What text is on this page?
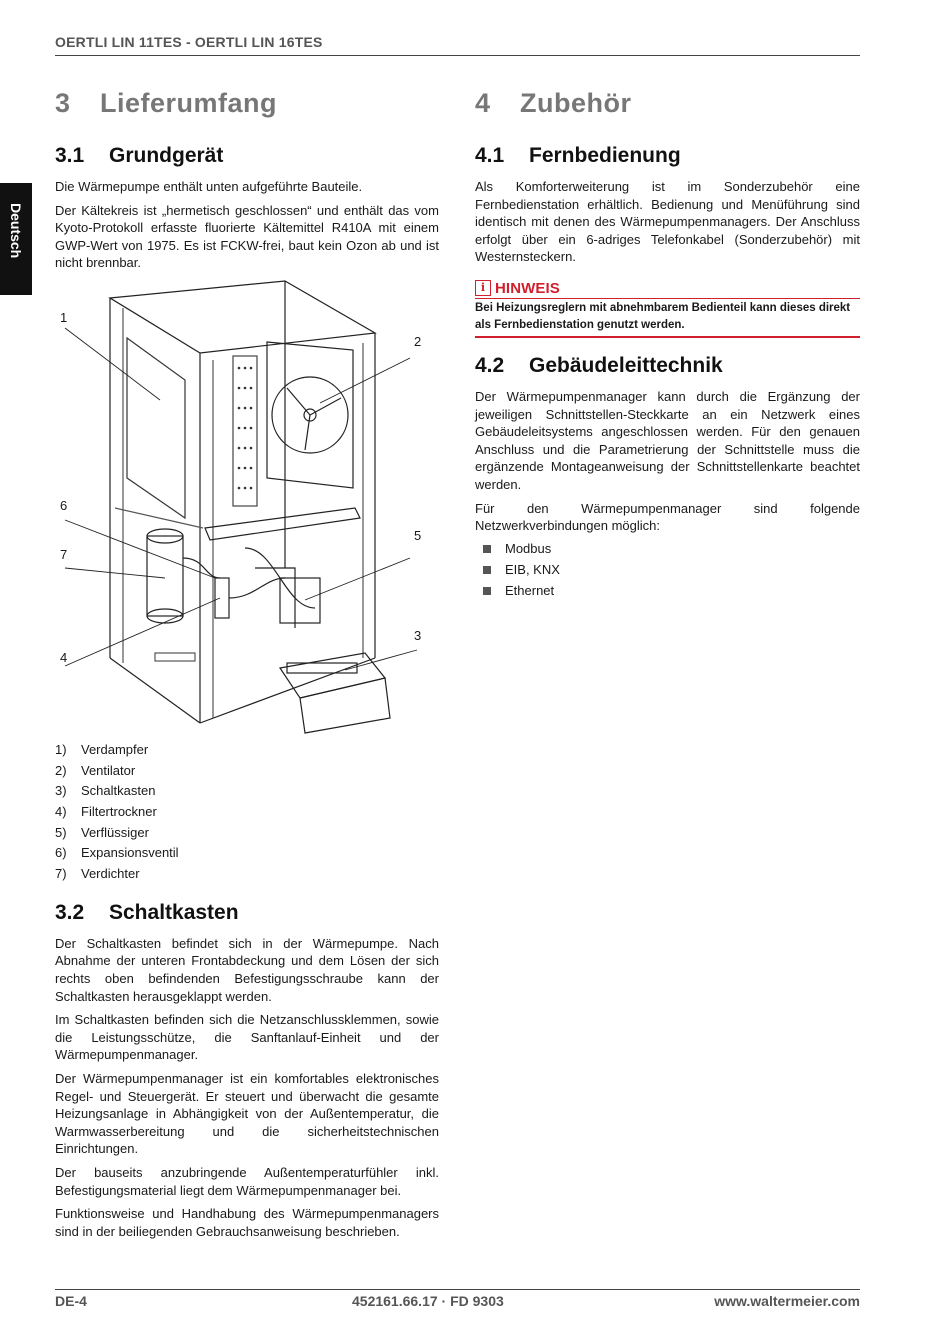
OERTLI LIN 11TES - OERTLI LIN 16TES
Deutsch
3 Lieferumfang
3.1 Grundgerät

Die Wärmepumpe enthält unten aufgeführte Bauteile.

Der Kältekreis ist „hermetisch geschlossen“ und enthält das vom Kyoto-Protokoll erfasste fluorierte Kältemittel R410A mit einem GWP-Wert von 1975. Es ist FCKW-frei, baut kein Ozon ab und ist nicht brennbar.

1
2
3
4
5
6
7
1) Verdampfer
2) Ventilator
3) Schaltkasten
4) Filtertrockner
5) Verflüssiger
6) Expansionsventil
7) Verdichter
3.2 Schaltkasten

Der Schaltkasten befindet sich in der Wärmepumpe. Nach Abnahme der unteren Frontabdeckung und dem Lösen der sich rechts oben befindenden Befestigungsschraube kann der Schaltkasten herausgeklappt werden.

Im Schaltkasten befinden sich die Netzanschlussklemmen, sowie die Leistungsschütze, die Sanftanlauf-Einheit und der Wärmepumpenmanager.

Der Wärmepumpenmanager ist ein komfortables elektronisches Regel- und Steuergerät. Er steuert und überwacht die gesamte Heizungsanlage in Abhängigkeit von der Außentemperatur, die Warmwasserbereitung und die sicherheitstechnischen Einrichtungen.

Der bauseits anzubringende Außentemperaturfühler inkl. Befestigungsmaterial liegt dem Wärmepumpenmanager bei.

Funktionsweise und Handhabung des Wärmepumpenmanagers sind in der beiliegenden Gebrauchsanweisung beschrieben.

4 Zubehör
4.1 Fernbedienung

Als Komforterweiterung ist im Sonderzubehör eine Fernbedienstation erhältlich. Bedienung und Menüführung sind identisch mit denen des Wärmepumpenmanagers. Der Anschluss erfolgt über ein 6-adriges Telefonkabel (Sonderzubehör) mit Westernsteckern.

i HINWEIS
Bei Heizungsreglern mit abnehmbarem Bedienteil kann dieses direkt als Fernbedienstation genutzt werden.
4.2 Gebäudeleittechnik

Der Wärmepumpenmanager kann durch die Ergänzung der jeweiligen Schnittstellen-Steckkarte an ein Netzwerk eines Gebäudeleitsystems angeschlossen werden. Für den genauen Anschluss und die Parametrierung der Schnittstelle muss die ergänzende Montageanweisung der Schnittstellenkarte beachtet werden.

Für den Wärmepumpenmanager sind folgende Netzwerkverbindungen möglich:

Modbus
EIB, KNX
Ethernet
DE-4	452161.66.17 · FD 9303	www.waltermeier.com
